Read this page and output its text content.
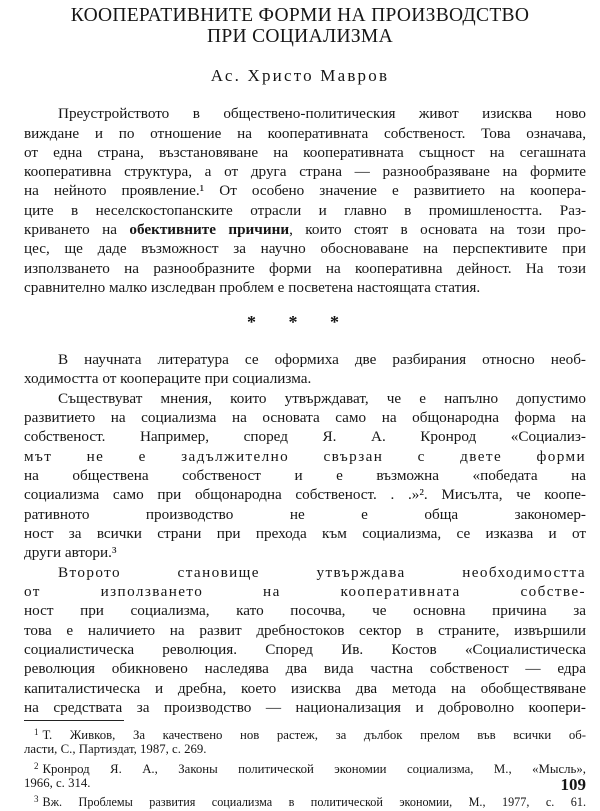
КООПЕРАТИВНИТЕ ФОРМИ НА ПРОИЗВОДСТВО
ПРИ СОЦИАЛИЗМА
Ас. Христо Мавров
Преустройството в обществено-политическия живот изисква ново
виждане и по отношение на кооперативната собственост. Това означава,
от една страна, възстановяване на кооперативната същност на сегашната
кооперативна структура, а от друга страна — разнообразяване на формите
на нейното проявление.¹ От особено значение е развитието на коопера-
ците в неселскостопанските отрасли и главно в промишлеността. Раз-
криването на обективните причини, които стоят в основата на този про-
цес, ще даде възможност за научно обосноваване на перспективите при
използването на разнообразните форми на кооперативна дейност. На този
сравнително малко изследван проблем е посветена настоящата статия.
* * *
В научната литература се оформиха две разбирания относно необ-
ходимостта от коопераците при социализма.
Съществуват мнения, които утвърждават, че е напълно допустимо
развитието на социализма на основата само на общонародна форма на
собственост. Например, според Я. А. Кронрод «Социализ-
мът не е задължително свързан с двете форми
на обществена собственост и е възможна «победата на
социализма само при общонародна собственост. . .»². Мисълта, че коопе-
ративното производство не е обща закономер-
ност за всички страни при прехода към социализма, се изказва и от
други автори.³
Второто становище утвърждава необходимостта
от използването на кооперативната собстве-
ност при социализма, като посочва, че основна причина за
това е наличието на развит дребностоков сектор в страните, извършили
социалистическа революция. Според Ив. Костов «Социалистическа
революция обикновено наследява два вида частна собственост — едра
капиталистическа и дребна, което изисква два метода на обобществяване
на средствата за производство — национализация и доброволно коопери-
$^1$ Т. Живков, За качествено нов растеж, за дълбок прелом във всички об-
ласти, С., Партиздат, 1987, с. 269.
$^2$ Кронрод Я. А., Законы политической экономии социализма, М., «Мысль»,
1966, с. 314.
$^3$ Вж. Проблемы развития социализма в политической экономии, М., 1977, с. 61.
109
